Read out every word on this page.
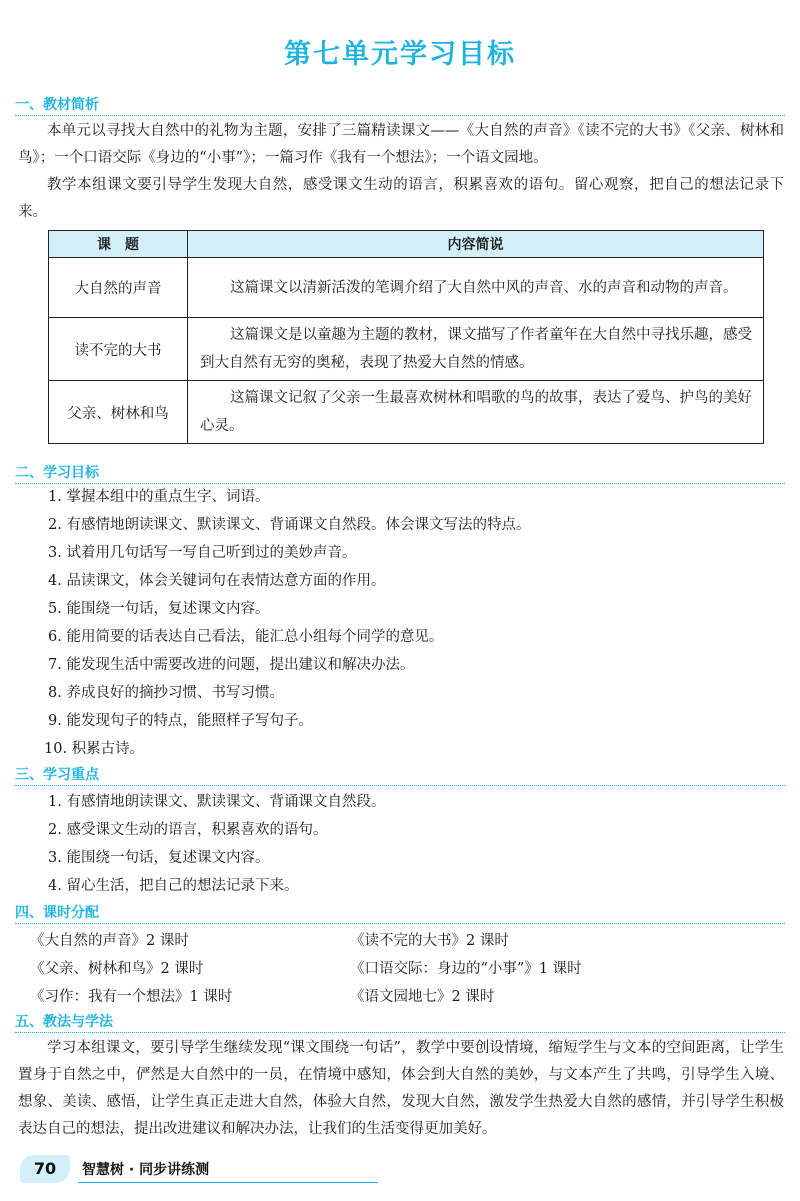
第七单元学习目标
一、教材简析
本单元以寻找大自然中的礼物为主题，安排了三篇精读课文——《大自然的声音》《读不完的大书》《父亲、树林和鸟》；一个口语交际《身边的“小事”》；一篇习作《我有一个想法》；一个语文园地。
教学本组课文要引导学生发现大自然，感受课文生动的语言，积累喜欢的语句。留心观察，把自己的想法记录下来。
课　题	内容简说
大自然的声音	这篇课文以清新活泼的笔调介绍了大自然中风的声音、水的声音和动物的声音。
读不完的大书	这篇课文是以童趣为主题的教材，课文描写了作者童年在大自然中寻找乐趣，感受到大自然有无穷的奥秘，表现了热爱大自然的情感。
父亲、树林和鸟	这篇课文记叙了父亲一生最喜欢树林和唱歌的鸟的故事，表达了爱鸟、护鸟的美好心灵。
二、学习目标
1. 掌握本组中的重点生字、词语。
2. 有感情地朗读课文、默读课文、背诵课文自然段。体会课文写法的特点。
3. 试着用几句话写一写自己听到过的美妙声音。
4. 品读课文，体会关键词句在表情达意方面的作用。
5. 能围绕一句话，复述课文内容。
6. 能用简要的话表达自己看法，能汇总小组每个同学的意见。
7. 能发现生活中需要改进的问题，提出建议和解决办法。
8. 养成良好的摘抄习惯、书写习惯。
9. 能发现句子的特点，能照样子写句子。
10. 积累古诗。
三、学习重点
1. 有感情地朗读课文、默读课文、背诵课文自然段。
2. 感受课文生动的语言，积累喜欢的语句。
3. 能围绕一句话，复述课文内容。
4. 留心生活，把自己的想法记录下来。
四、课时分配
《大自然的声音》2 课时	《读不完的大书》2 课时
《父亲、树林和鸟》2 课时	《口语交际：身边的“小事”》1 课时
《习作：我有一个想法》1 课时	《语文园地七》2 课时
五、教法与学法
学习本组课文，要引导学生继续发现“课文围绕一句话”，教学中要创设情境，缩短学生与文本的空间距离，让学生置身于自然之中，俨然是大自然中的一员，在情境中感知，体会到大自然的美妙，与文本产生了共鸣，引导学生入境、想象、美读、感悟，让学生真正走进大自然，体验大自然，发现大自然，激发学生热爱大自然的感情，并引导学生积极表达自己的想法，提出改进建议和解决办法，让我们的生活变得更加美好。
70	智慧树 · 同步讲练测
